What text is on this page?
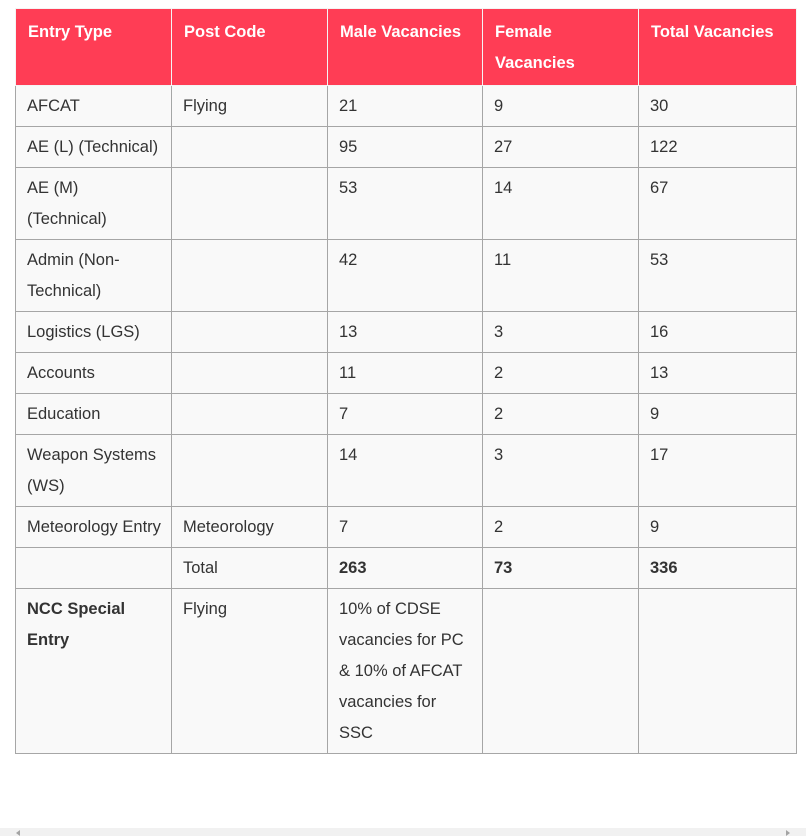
Entry Type	Post Code	Male Vacancies	Female Vacancies	Total Vacancies
AFCAT	Flying	21	9	30
AE (L) (Technical)		95	27	122
AE (M) (Technical)		53	14	67
Admin (Non-Technical)		42	11	53
Logistics (LGS)		13	3	16
Accounts		11	2	13
Education		7	2	9
Weapon Systems (WS)		14	3	17
Meteorology Entry	Meteorology	7	2	9
	Total	263	73	336
NCC Special Entry	Flying	10% of CDSE vacancies for PC & 10% of AFCAT vacancies for SSC		
